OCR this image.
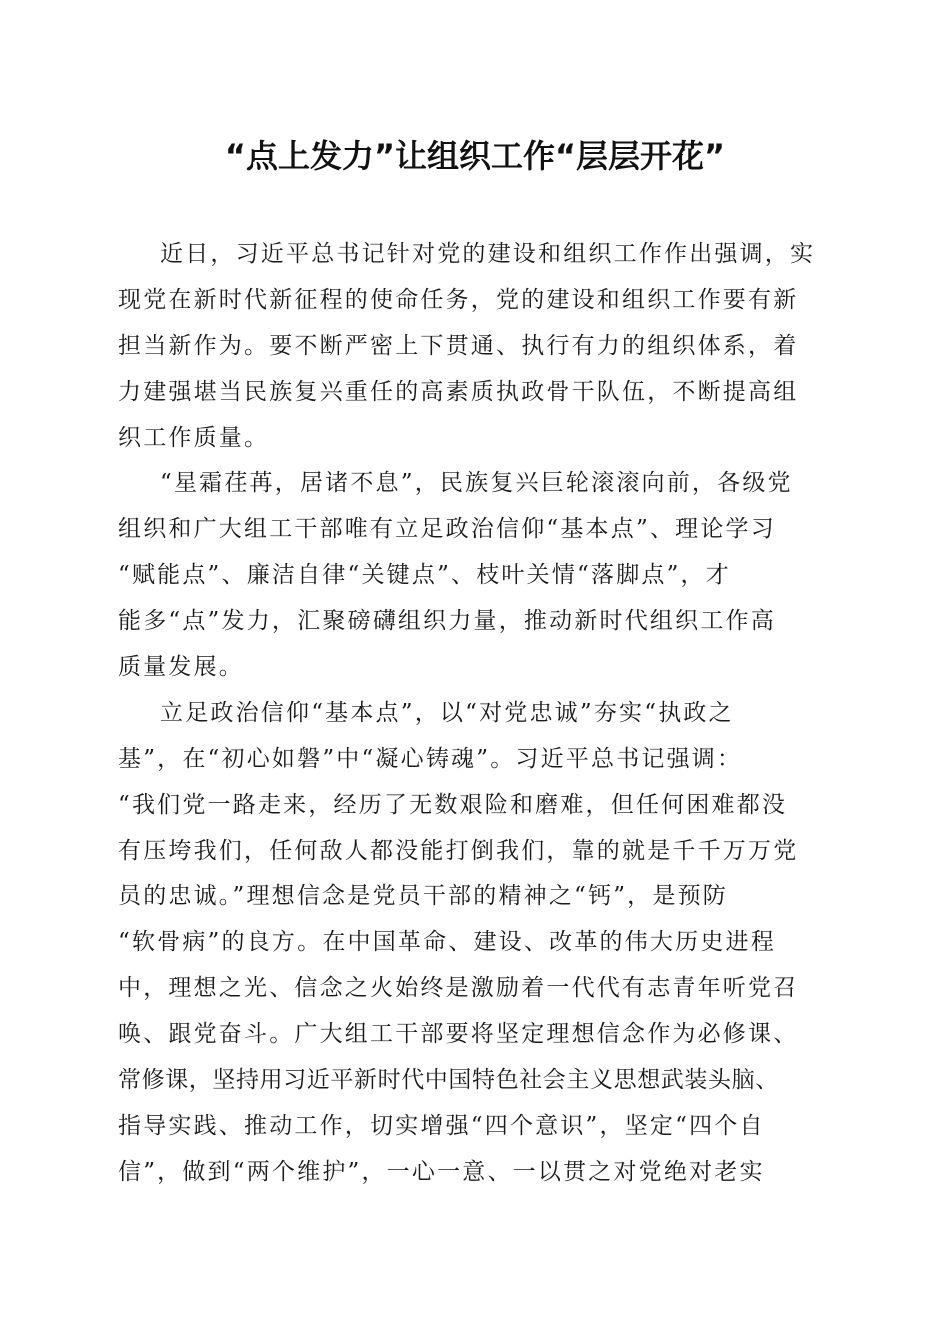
“点上发力”让组织工作“层层开花”
近日，习近平总书记针对党的建设和组织工作作出强调，实
现党在新时代新征程的使命任务，党的建设和组织工作要有新
担当新作为。要不断严密上下贯通、执行有力的组织体系，着
力建强堪当民族复兴重任的高素质执政骨干队伍，不断提高组
织工作质量。
“星霜荏苒，居诸不息”，民族复兴巨轮滚滚向前，各级党
组织和广大组工干部唯有立足政治信仰“基本点”、理论学习
“赋能点”、廉洁自律“关键点”、枝叶关情“落脚点”，才
能多“点”发力，汇聚磅礴组织力量，推动新时代组织工作高
质量发展。
立足政治信仰“基本点”，以“对党忠诚”夯实“执政之
基”，在“初心如磐”中“凝心铸魂”。习近平总书记强调：
“我们党一路走来，经历了无数艰险和磨难，但任何困难都没
有压垮我们，任何敌人都没能打倒我们，靠的就是千千万万党
员的忠诚。”理想信念是党员干部的精神之“钙”，是预防
“软骨病”的良方。在中国革命、建设、改革的伟大历史进程
中，理想之光、信念之火始终是激励着一代代有志青年听党召
唤、跟党奋斗。广大组工干部要将坚定理想信念作为必修课、
常修课，坚持用习近平新时代中国特色社会主义思想武装头脑、
指导实践、推动工作，切实增强“四个意识”，坚定“四个自
信”，做到“两个维护”，一心一意、一以贯之对党绝对老实
